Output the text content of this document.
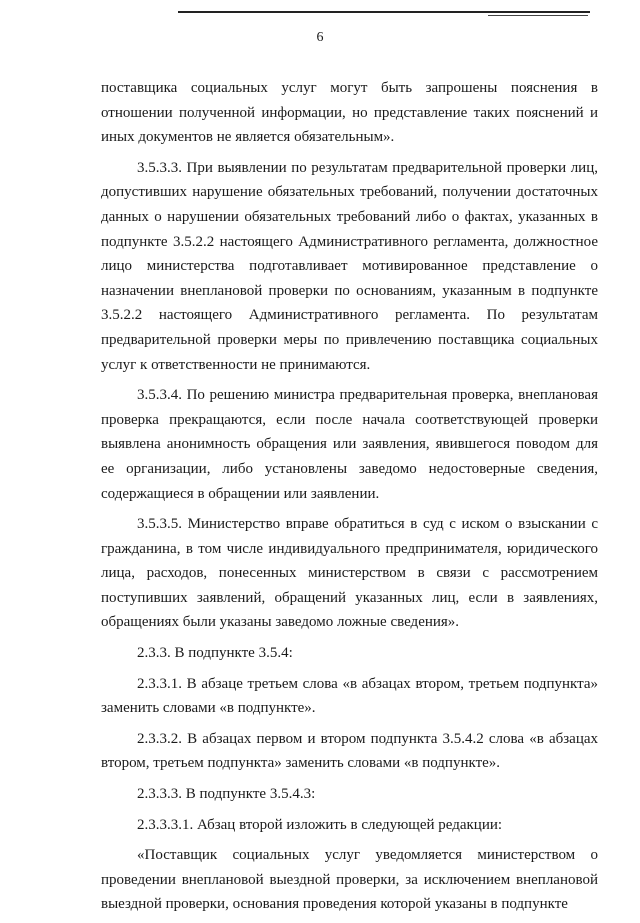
6

поставщика социальных услуг могут быть запрошены пояснения в отношении полученной информации, но представление таких пояснений и иных документов не является обязательным».

3.5.3.3. При выявлении по результатам предварительной проверки лиц, допустивших нарушение обязательных требований, получении достаточных данных о нарушении обязательных требований либо о фактах, указанных в подпункте 3.5.2.2 настоящего Административного регламента, должностное лицо министерства подготавливает мотивированное представление о назначении внеплановой проверки по основаниям, указанным в подпункте 3.5.2.2 настоящего Административного регламента. По результатам предварительной проверки меры по привлечению поставщика социальных услуг к ответственности не принимаются.

3.5.3.4. По решению министра предварительная проверка, внеплановая проверка прекращаются, если после начала соответствующей проверки выявлена анонимность обращения или заявления, явившегося поводом для ее организации, либо установлены заведомо недостоверные сведения, содержащиеся в обращении или заявлении.

3.5.3.5. Министерство вправе обратиться в суд с иском о взыскании с гражданина, в том числе индивидуального предпринимателя, юридического лица, расходов, понесенных министерством в связи с рассмотрением поступивших заявлений, обращений указанных лиц, если в заявлениях, обращениях были указаны заведомо ложные сведения».

2.3.3. В подпункте 3.5.4:

2.3.3.1. В абзаце третьем слова «в абзацах втором, третьем подпункта» заменить словами «в подпункте».

2.3.3.2. В абзацах первом и втором подпункта 3.5.4.2 слова «в абзацах втором, третьем подпункта» заменить словами «в подпункте».

2.3.3.3. В подпункте 3.5.4.3:

2.3.3.3.1. Абзац второй изложить в следующей редакции:

«Поставщик социальных услуг уведомляется министерством о проведении внеплановой выездной проверки, за исключением внеплановой выездной проверки, основания проведения которой указаны в подпункте
